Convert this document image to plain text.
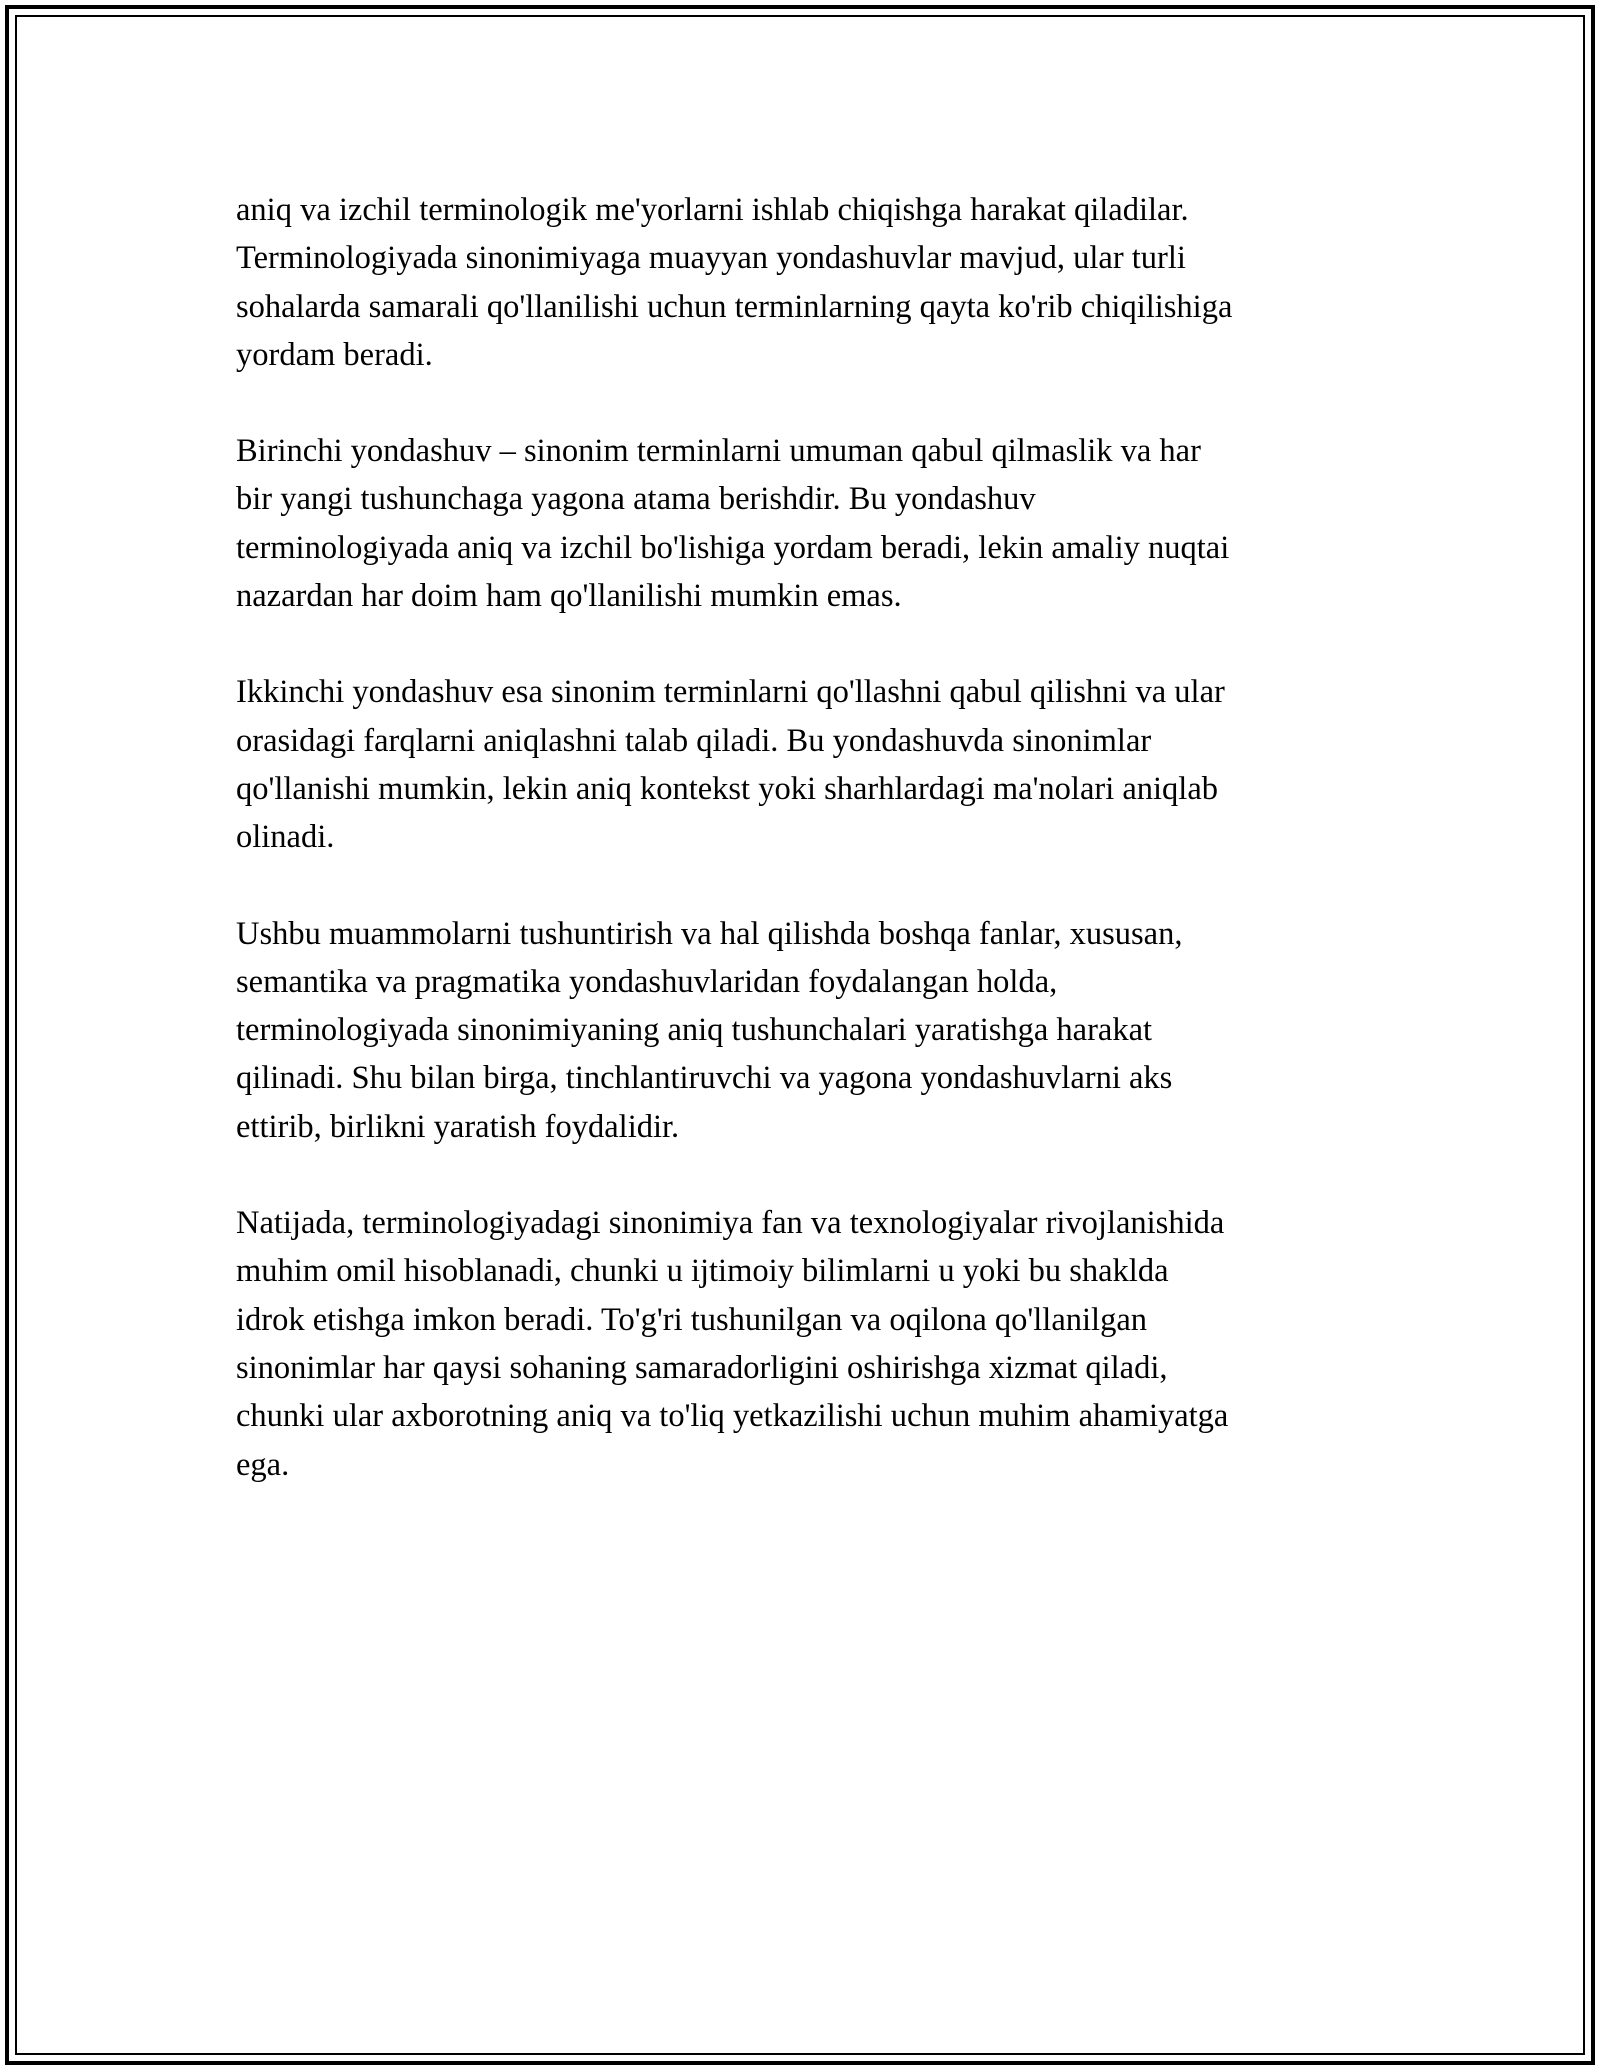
aniq va izchil terminologik me'yorlarni ishlab chiqishga harakat qiladilar.
Terminologiyada sinonimiyaga muayyan yondashuvlar mavjud, ular turli
sohalarda samarali qo'llanilishi uchun terminlarning qayta ko'rib chiqilishiga
yordam beradi.

Birinchi yondashuv – sinonim terminlarni umuman qabul qilmaslik va har
bir yangi tushunchaga yagona atama berishdir. Bu yondashuv
terminologiyada aniq va izchil bo'lishiga yordam beradi, lekin amaliy nuqtai
nazardan har doim ham qo'llanilishi mumkin emas.

Ikkinchi yondashuv esa sinonim terminlarni qo'llashni qabul qilishni va ular
orasidagi farqlarni aniqlashni talab qiladi. Bu yondashuvda sinonimlar
qo'llanishi mumkin, lekin aniq kontekst yoki sharhlardagi ma'nolari aniqlab
olinadi.

Ushbu muammolarni tushuntirish va hal qilishda boshqa fanlar, xususan,
semantika va pragmatika yondashuvlaridan foydalangan holda,
terminologiyada sinonimiyaning aniq tushunchalari yaratishga harakat
qilinadi. Shu bilan birga, tinchlantiruvchi va yagona yondashuvlarni aks
ettirib, birlikni yaratish foydalidir.

Natijada, terminologiyadagi sinonimiya fan va texnologiyalar rivojlanishida
muhim omil hisoblanadi, chunki u ijtimoiy bilimlarni u yoki bu shaklda
idrok etishga imkon beradi. To'g'ri tushunilgan va oqilona qo'llanilgan
sinonimlar har qaysi sohaning samaradorligini oshirishga xizmat qiladi,
chunki ular axborotning aniq va to'liq yetkazilishi uchun muhim ahamiyatga
ega.
